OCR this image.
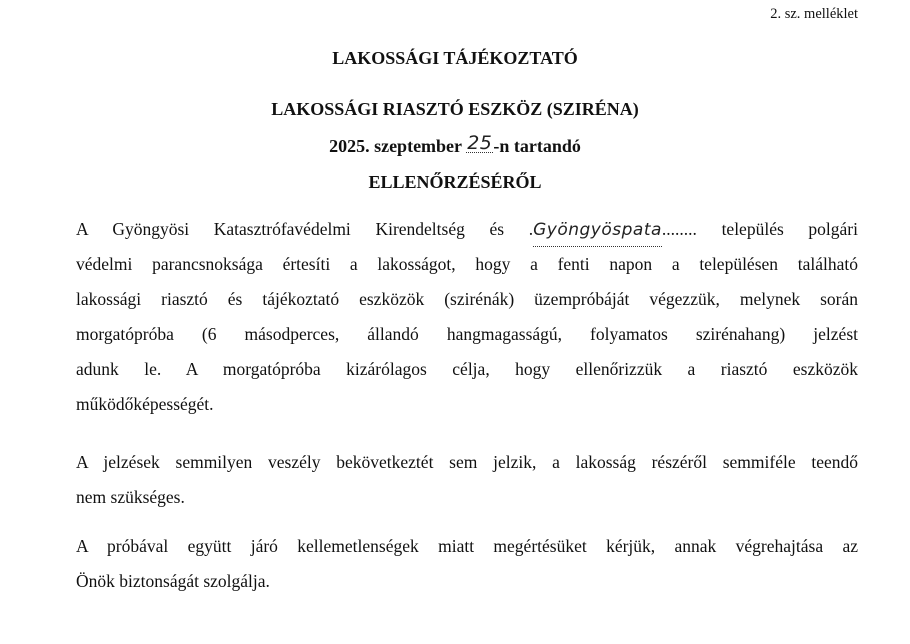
2. sz. melléklet
LAKOSSÁGI TÁJÉKOZTATÓ
LAKOSSÁGI RIASZTÓ ESZKÖZ (SZIRÉNA)
2025. szeptember 25-n tartandó
ELLENŐRZÉSÉRŐL
A Gyöngyösi Katasztrófavédelmi Kirendeltség és .Gyöngyöspata........ település polgári
védelmi parancsnoksága értesíti a lakosságot, hogy a fenti napon a településen található
lakossági riasztó és tájékoztató eszközök (szirénák) üzempróbáját végezzük, melynek során
morgatópróba (6 másodperces, állandó hangmagasságú, folyamatos szirénahang) jelzést
adunk le. A morgatópróba kizárólagos célja, hogy ellenőrizzük a riasztó eszközök
működőképességét.
A jelzések semmilyen veszély bekövetkeztét sem jelzik, a lakosság részéről semmiféle teendő
nem szükséges.
A próbával együtt járó kellemetlenségek miatt megértésüket kérjük, annak végrehajtása az
Önök biztonságát szolgálja.
